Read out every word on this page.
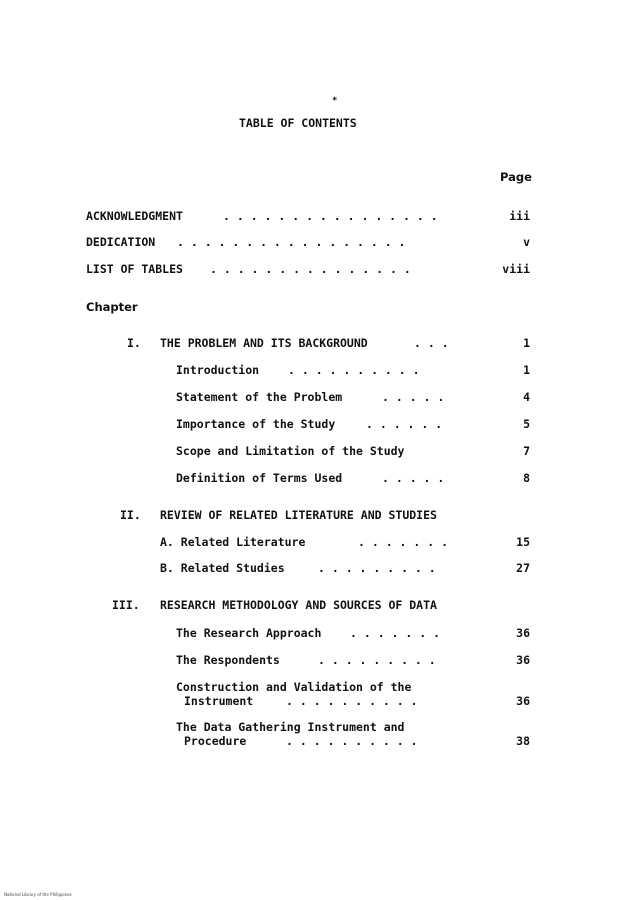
*
TABLE OF CONTENTS
Page
ACKNOWLEDGMENT	. . . . . . . . . . . . . . . .	iii
DEDICATION . . . . . . . . . . . . . . . . .	v
LIST OF TABLES . . . . . . . . . . . . . . .	viii
Chapter
I. THE PROBLEM AND ITS BACKGROUND	. . .	1
Introduction	. . . . . . . . . .	1
Statement of the Problem	. . . . .	4
Importance of the Study	. . . . . .	5
Scope and Limitation of the Study	7
Definition of Terms Used	. . . . .	8
II. REVIEW OF RELATED LITERATURE AND STUDIES
A. Related Literature	. . . . . . .	15
B. Related Studies	. . . . . . . . .	27
III. RESEARCH METHODOLOGY AND SOURCES OF DATA
The Research Approach . . . . . . .	36
The Respondents	. . . . . . . . .	36
Construction and Validation of the
Instrument	. . . . . . . . . .	36
The Data Gathering Instrument and
Procedure	. . . . . . . . . .	38
National Library of the Philippines
